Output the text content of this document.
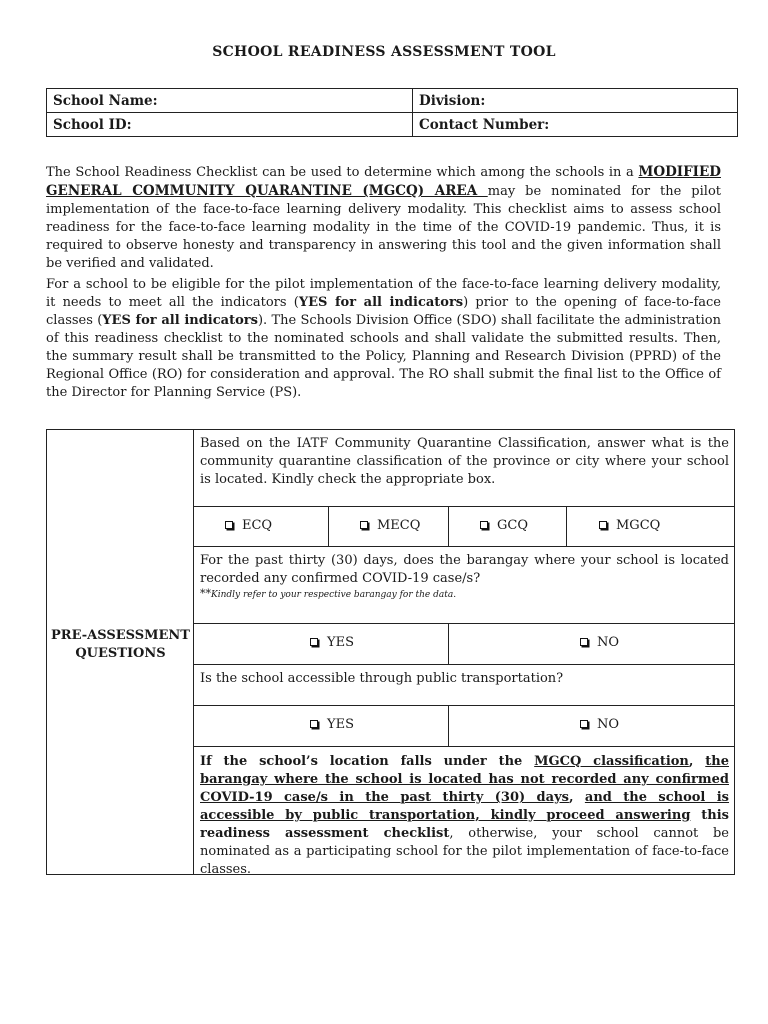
SCHOOL READINESS ASSESSMENT TOOL
School Name:	Division:
School ID:	Contact Number:

The School Readiness Checklist can be used to determine which among the schools in a MODIFIED GENERAL COMMUNITY QUARANTINE (MGCQ) AREA may be nominated for the pilot implementation of the face-to-face learning delivery modality. This checklist aims to assess school readiness for the face-to-face learning modality in the time of the COVID-19 pandemic. Thus, it is required to observe honesty and transparency in answering this tool and the given information shall be verified and validated.

For a school to be eligible for the pilot implementation of the face-to-face learning delivery modality, it needs to meet all the indicators (YES for all indicators) prior to the opening of face-to-face classes (YES for all indicators). The Schools Division Office (SDO) shall facilitate the administration of this readiness checklist to the nominated schools and shall validate the submitted results. Then, the summary result shall be transmitted to the Policy, Planning and Research Division (PPRD) of the Regional Office (RO) for consideration and approval. The RO shall submit the final list to the Office of the Director for Planning Service (PS).

PRE-ASSESSMENT QUESTIONS
Based on the IATF Community Quarantine Classification, answer what is the community quarantine classification of the province or city where your school is located. Kindly check the appropriate box.
ECQ	MECQ	GCQ	MGCQ
For the past thirty (30) days, does the barangay where your school is located recorded any confirmed COVID-19 case/s?
**Kindly refer to your respective barangay for the data.
YES	NO
Is the school accessible through public transportation?
YES	NO
If the school’s location falls under the MGCQ classification, the barangay where the school is located has not recorded any confirmed COVID-19 case/s in the past thirty (30) days, and the school is accessible by public transportation, kindly proceed answering this readiness assessment checklist, otherwise, your school cannot be nominated as a participating school for the pilot implementation of face-to-face classes.
